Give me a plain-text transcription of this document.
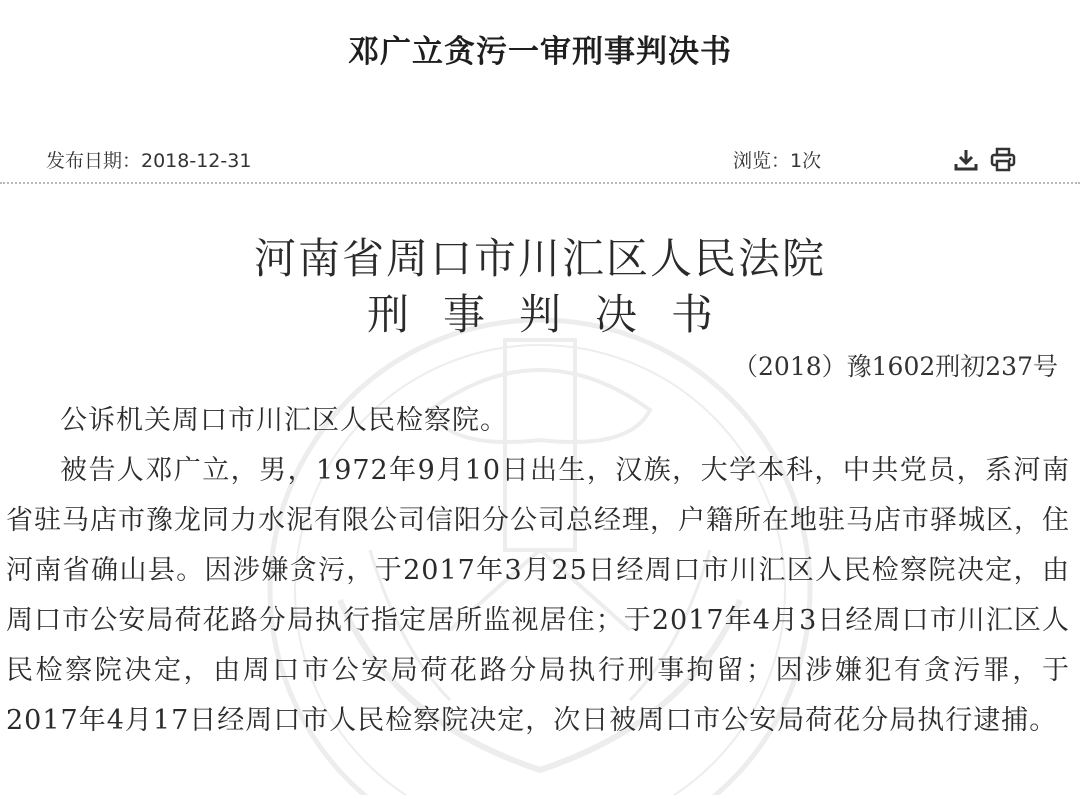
邓广立贪污一审刑事判决书
发布日期：2018-12-31	浏览：1次
河南省周口市川汇区人民法院
刑事判决书
（2018）豫1602刑初237号

公诉机关周口市川汇区人民检察院。

被告人邓广立，男，1972年9月10日出生，汉族，大学本科，中共党员，系河南省驻马店市豫龙同力水泥有限公司信阳分公司总经理，户籍所在地驻马店市驿城区，住河南省确山县。因涉嫌贪污，于2017年3月25日经周口市川汇区人民检察院决定，由周口市公安局荷花路分局执行指定居所监视居住；于2017年4月3日经周口市川汇区人民检察院决定，由周口市公安局荷花路分局执行刑事拘留；因涉嫌犯有贪污罪，于2017年4月17日经周口市人民检察院决定，次日被周口市公安局荷花分局执行逮捕。
